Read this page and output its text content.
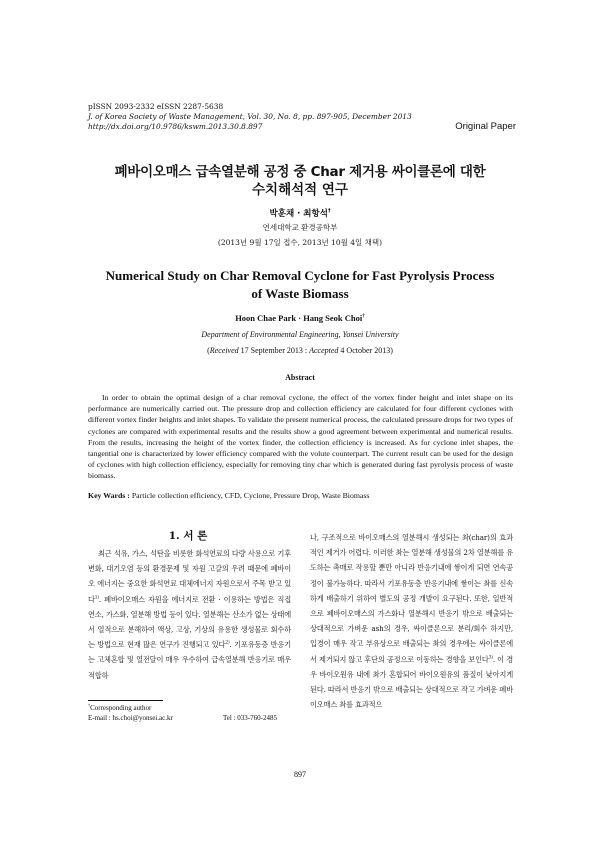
pISSN 2093-2332 eISSN 2287-5638
J. of Korea Society of Waste Management, Vol. 30, No. 8, pp. 897-905, December 2013
http://dx.doi.org/10.9786/kswm.2013.30.8.897	Original Paper
폐바이오매스 급속열분해 공정 중 Char 제거용 싸이클론에 대한
수치해석적 연구
박훈채 · 최항석†
연세대학교 환경공학부
(2013년 9월 17일 접수, 2013년 10월 4일 채택)
Numerical Study on Char Removal Cyclone for Fast Pyrolysis Process
of Waste Biomass
Hoon Chae Park · Hang Seok Choi†
Department of Environmental Engineering, Yonsei University
(Received 17 September 2013 : Accepted 4 October 2013)
Abstract
In order to obtain the optimal design of a char removal cyclone, the effect of the vortex finder height and inlet shape on its performance are numerically carried out. The pressure drop and collection efficiency are calculated for four different cyclones with different vortex finder heights and inlet shapes. To validate the present numerical process, the calculated pressure drops for two types of cyclones are compared with experimental results and the results show a good agreement between experimental and numerical results. From the results, increasing the height of the vortex finder, the collection efficiency is increased. As for cyclone inlet shapes, the tangential one is characterized by lower efficiency compared with the volute counterpart. The current result can be used for the design of cyclones with high collection efficiency, especially for removing tiny char which is generated during fast pyrolysis process of waste biomass.
Key Wards : Particle collection efficiency, CFD, Cyclone, Pressure Drop, Waste Biomass
1. 서 론
최근 석유, 가스, 석탄을 비롯한 화석연료의 다량 사용으로 기후변화, 대기오염 등의 환경문제 및 자원 고갈의 우려 때문에 폐바이오 에너지는 중요한 화석연료 대체에너지 자원으로서 주목 받고 있다$^{1)}$. 폐바이오매스 자원을 에너지로 전환 · 이용하는 방법은 직접 연소, 가스화, 열분해 방법 등이 있다. 열분해는 산소가 없는 상태에서 열적으로 분해하여 액상, 고상, 기상의 유용한 생성물로 회수하는 방법으로 현재 많은 연구가 진행되고 있다$^{2)}$. 기포유동층 반응기는 고체혼합 및 열전달이 매우 우수하여 급속열분해 반응기로 매우 적합하
나, 구조적으로 바이오매스의 열분해시 생성되는 촤(char)의 효과적인 제거가 어렵다. 이러한 촤는 열분해 생성물의 2차 열분해를 유도하는 촉매로 작용할 뿐만 아니라 반응기내에 쌓이게 되면 연속공정이 불가능하다. 따라서 기포유동층 반응기내에 쌓이는 촤를 신속하게 배출하기 위하여 별도의 공정 개발이 요구된다. 또한, 일반적으로 폐바이오매스의 가스화나 열분해시 반응기 밖으로 배출되는 상대적으로 가벼운 ash의 경우, 싸이클론으로 분리/회수 하지만, 입경이 매우 작고 부유상으로 배출되는 촤의 경우에는 싸이클론에서 제거되지 않고 후단의 공정으로 이동하는 경향을 보인다$^{3)}$. 이 경우 바이오원유 내에 촤가 혼합되어 바이오원유의 품질이 낮아지게 된다. 따라서 반응기 밖으로 배출되는 상대적으로 작고 가벼운 폐바이오매스 촤를 효과적으
†Corresponding author
E-mail : hs.choi@yonsei.ac.kr	Tel : 033-760-2485
897
